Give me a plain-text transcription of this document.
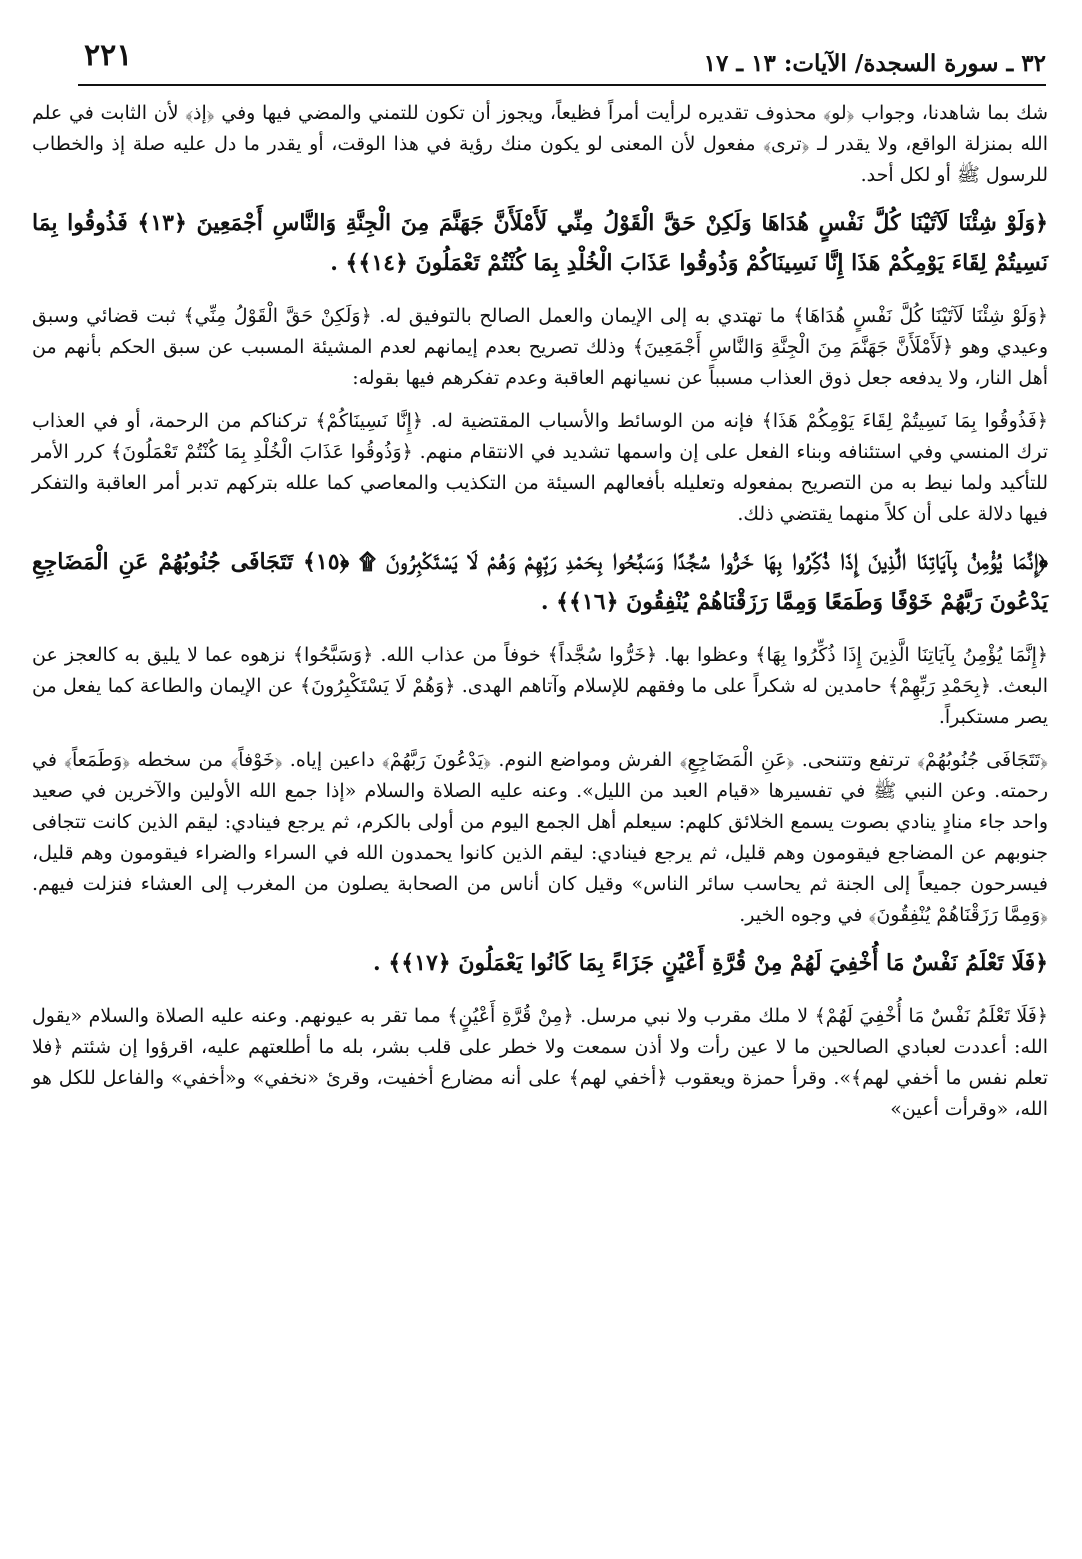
٣٢ ـ سورة السجدة/ الآيات: ١٣ ـ ١٧
٢٢١

شك بما شاهدنا، وجواب ﴿لو﴾ محذوف تقديره لرأيت أمراً فظيعاً، ويجوز أن تكون للتمني والمضي فيها وفي ﴿إذ﴾ لأن الثابت في علم الله بمنزلة الواقع، ولا يقدر لـ ﴿ترى﴾ مفعول لأن المعنى لو يكون منك رؤية في هذا الوقت، أو يقدر ما دل عليه صلة إذ والخطاب للرسول ﷺ أو لكل أحد.

﴿وَلَوْ شِئْنَا لَآتَيْنَا كُلَّ نَفْسٍ هُدَاهَا وَلَكِنْ حَقَّ الْقَوْلُ مِنِّي لَأَمْلَأَنَّ جَهَنَّمَ مِنَ الْجِنَّةِ وَالنَّاسِ أَجْمَعِينَ ﴿١٣﴾ فَذُوقُوا بِمَا نَسِيتُمْ لِقَاءَ يَوْمِكُمْ هَذَا إِنَّا نَسِينَاكُمْ وَذُوقُوا عَذَابَ الْخُلْدِ بِمَا كُنْتُمْ تَعْمَلُونَ ﴿١٤﴾﴾ .

﴿وَلَوْ شِئْنَا لَآتَيْنَا كُلَّ نَفْسٍ هُدَاهَا﴾ ما تهتدي به إلى الإيمان والعمل الصالح بالتوفيق له. ﴿وَلَكِنْ حَقَّ الْقَوْلُ مِنِّي﴾ ثبت قضائي وسبق وعيدي وهو ﴿لَأَمْلَأَنَّ جَهَنَّمَ مِنَ الْجِنَّةِ وَالنَّاسِ أَجْمَعِينَ﴾ وذلك تصريح بعدم إيمانهم لعدم المشيئة المسبب عن سبق الحكم بأنهم من أهل النار، ولا يدفعه جعل ذوق العذاب مسبباً عن نسيانهم العاقبة وعدم تفكرهم فيها بقوله:

﴿فَذُوقُوا بِمَا نَسِيتُمْ لِقَاءَ يَوْمِكُمْ هَذَا﴾ فإنه من الوسائط والأسباب المقتضية له. ﴿إِنَّا نَسِينَاكُمْ﴾ تركناكم من الرحمة، أو في العذاب ترك المنسي وفي استئنافه وبناء الفعل على إن واسمها تشديد في الانتقام منهم. ﴿وَذُوقُوا عَذَابَ الْخُلْدِ بِمَا كُنْتُمْ تَعْمَلُونَ﴾ كرر الأمر للتأكيد ولما نيط به من التصريح بمفعوله وتعليله بأفعالهم السيئة من التكذيب والمعاصي كما علله بتركهم تدبر أمر العاقبة والتفكر فيها دلالة على أن كلاً منهما يقتضي ذلك.

﴿إِنَّمَا يُؤْمِنُ بِآيَاتِنَا الَّذِينَ إِذَا ذُكِّرُوا بِهَا خَرُّوا سُجَّدًا وَسَبَّحُوا بِحَمْدِ رَبِّهِمْ وَهُمْ لَا يَسْتَكْبِرُونَ ۩ ﴿١٥﴾ تَتَجَافَى جُنُوبُهُمْ عَنِ الْمَضَاجِعِ يَدْعُونَ رَبَّهُمْ خَوْفًا وَطَمَعًا وَمِمَّا رَزَقْنَاهُمْ يُنْفِقُونَ ﴿١٦﴾﴾ .

﴿إِنَّمَا يُؤْمِنُ بِآيَاتِنَا الَّذِينَ إِذَا ذُكِّرُوا بِهَا﴾ وعظوا بها. ﴿خَرُّوا سُجَّداً﴾ خوفاً من عذاب الله. ﴿وَسَبَّحُوا﴾ نزهوه عما لا يليق به كالعجز عن البعث. ﴿بِحَمْدِ رَبِّهِمْ﴾ حامدين له شكراً على ما وفقهم للإسلام وآتاهم الهدى. ﴿وَهُمْ لَا يَسْتَكْبِرُونَ﴾ عن الإيمان والطاعة كما يفعل من يصر مستكبراً.

﴿تَتَجَافَى جُنُوبُهُمْ﴾ ترتفع وتتنحى. ﴿عَنِ الْمَضَاجِعِ﴾ الفرش ومواضع النوم. ﴿يَدْعُونَ رَبَّهُمْ﴾ داعين إياه. ﴿خَوْفاً﴾ من سخطه ﴿وَطَمَعاً﴾ في رحمته. وعن النبي ﷺ في تفسيرها «قيام العبد من الليل». وعنه عليه الصلاة والسلام «إذا جمع الله الأولين والآخرين في صعيد واحد جاء منادٍ ينادي بصوت يسمع الخلائق كلهم: سيعلم أهل الجمع اليوم من أولى بالكرم، ثم يرجع فينادي: ليقم الذين كانت تتجافى جنوبهم عن المضاجع فيقومون وهم قليل، ثم يرجع فينادي: ليقم الذين كانوا يحمدون الله في السراء والضراء فيقومون وهم قليل، فيسرحون جميعاً إلى الجنة ثم يحاسب سائر الناس» وقيل كان أناس من الصحابة يصلون من المغرب إلى العشاء فنزلت فيهم. ﴿وَمِمَّا رَزَقْنَاهُمْ يُنْفِقُونَ﴾ في وجوه الخير.

﴿فَلَا تَعْلَمُ نَفْسٌ مَا أُخْفِيَ لَهُمْ مِنْ قُرَّةِ أَعْيُنٍ جَزَاءً بِمَا كَانُوا يَعْمَلُونَ ﴿١٧﴾﴾ .

﴿فَلَا تَعْلَمُ نَفْسٌ مَا أُخْفِيَ لَهُمْ﴾ لا ملك مقرب ولا نبي مرسل. ﴿مِنْ قُرَّةِ أَعْيُنٍ﴾ مما تقر به عيونهم. وعنه عليه الصلاة والسلام «يقول الله: أعددت لعبادي الصالحين ما لا عين رأت ولا أذن سمعت ولا خطر على قلب بشر، بله ما أطلعتهم عليه، اقرؤوا إن شئتم ﴿فلا تعلم نفس ما أخفي لهم﴾». وقرأ حمزة ويعقوب ﴿أخفي لهم﴾ على أنه مضارع أخفيت، وقرئ «نخفي» و«أخفي» والفاعل للكل هو الله، «وقرأت أعين»
